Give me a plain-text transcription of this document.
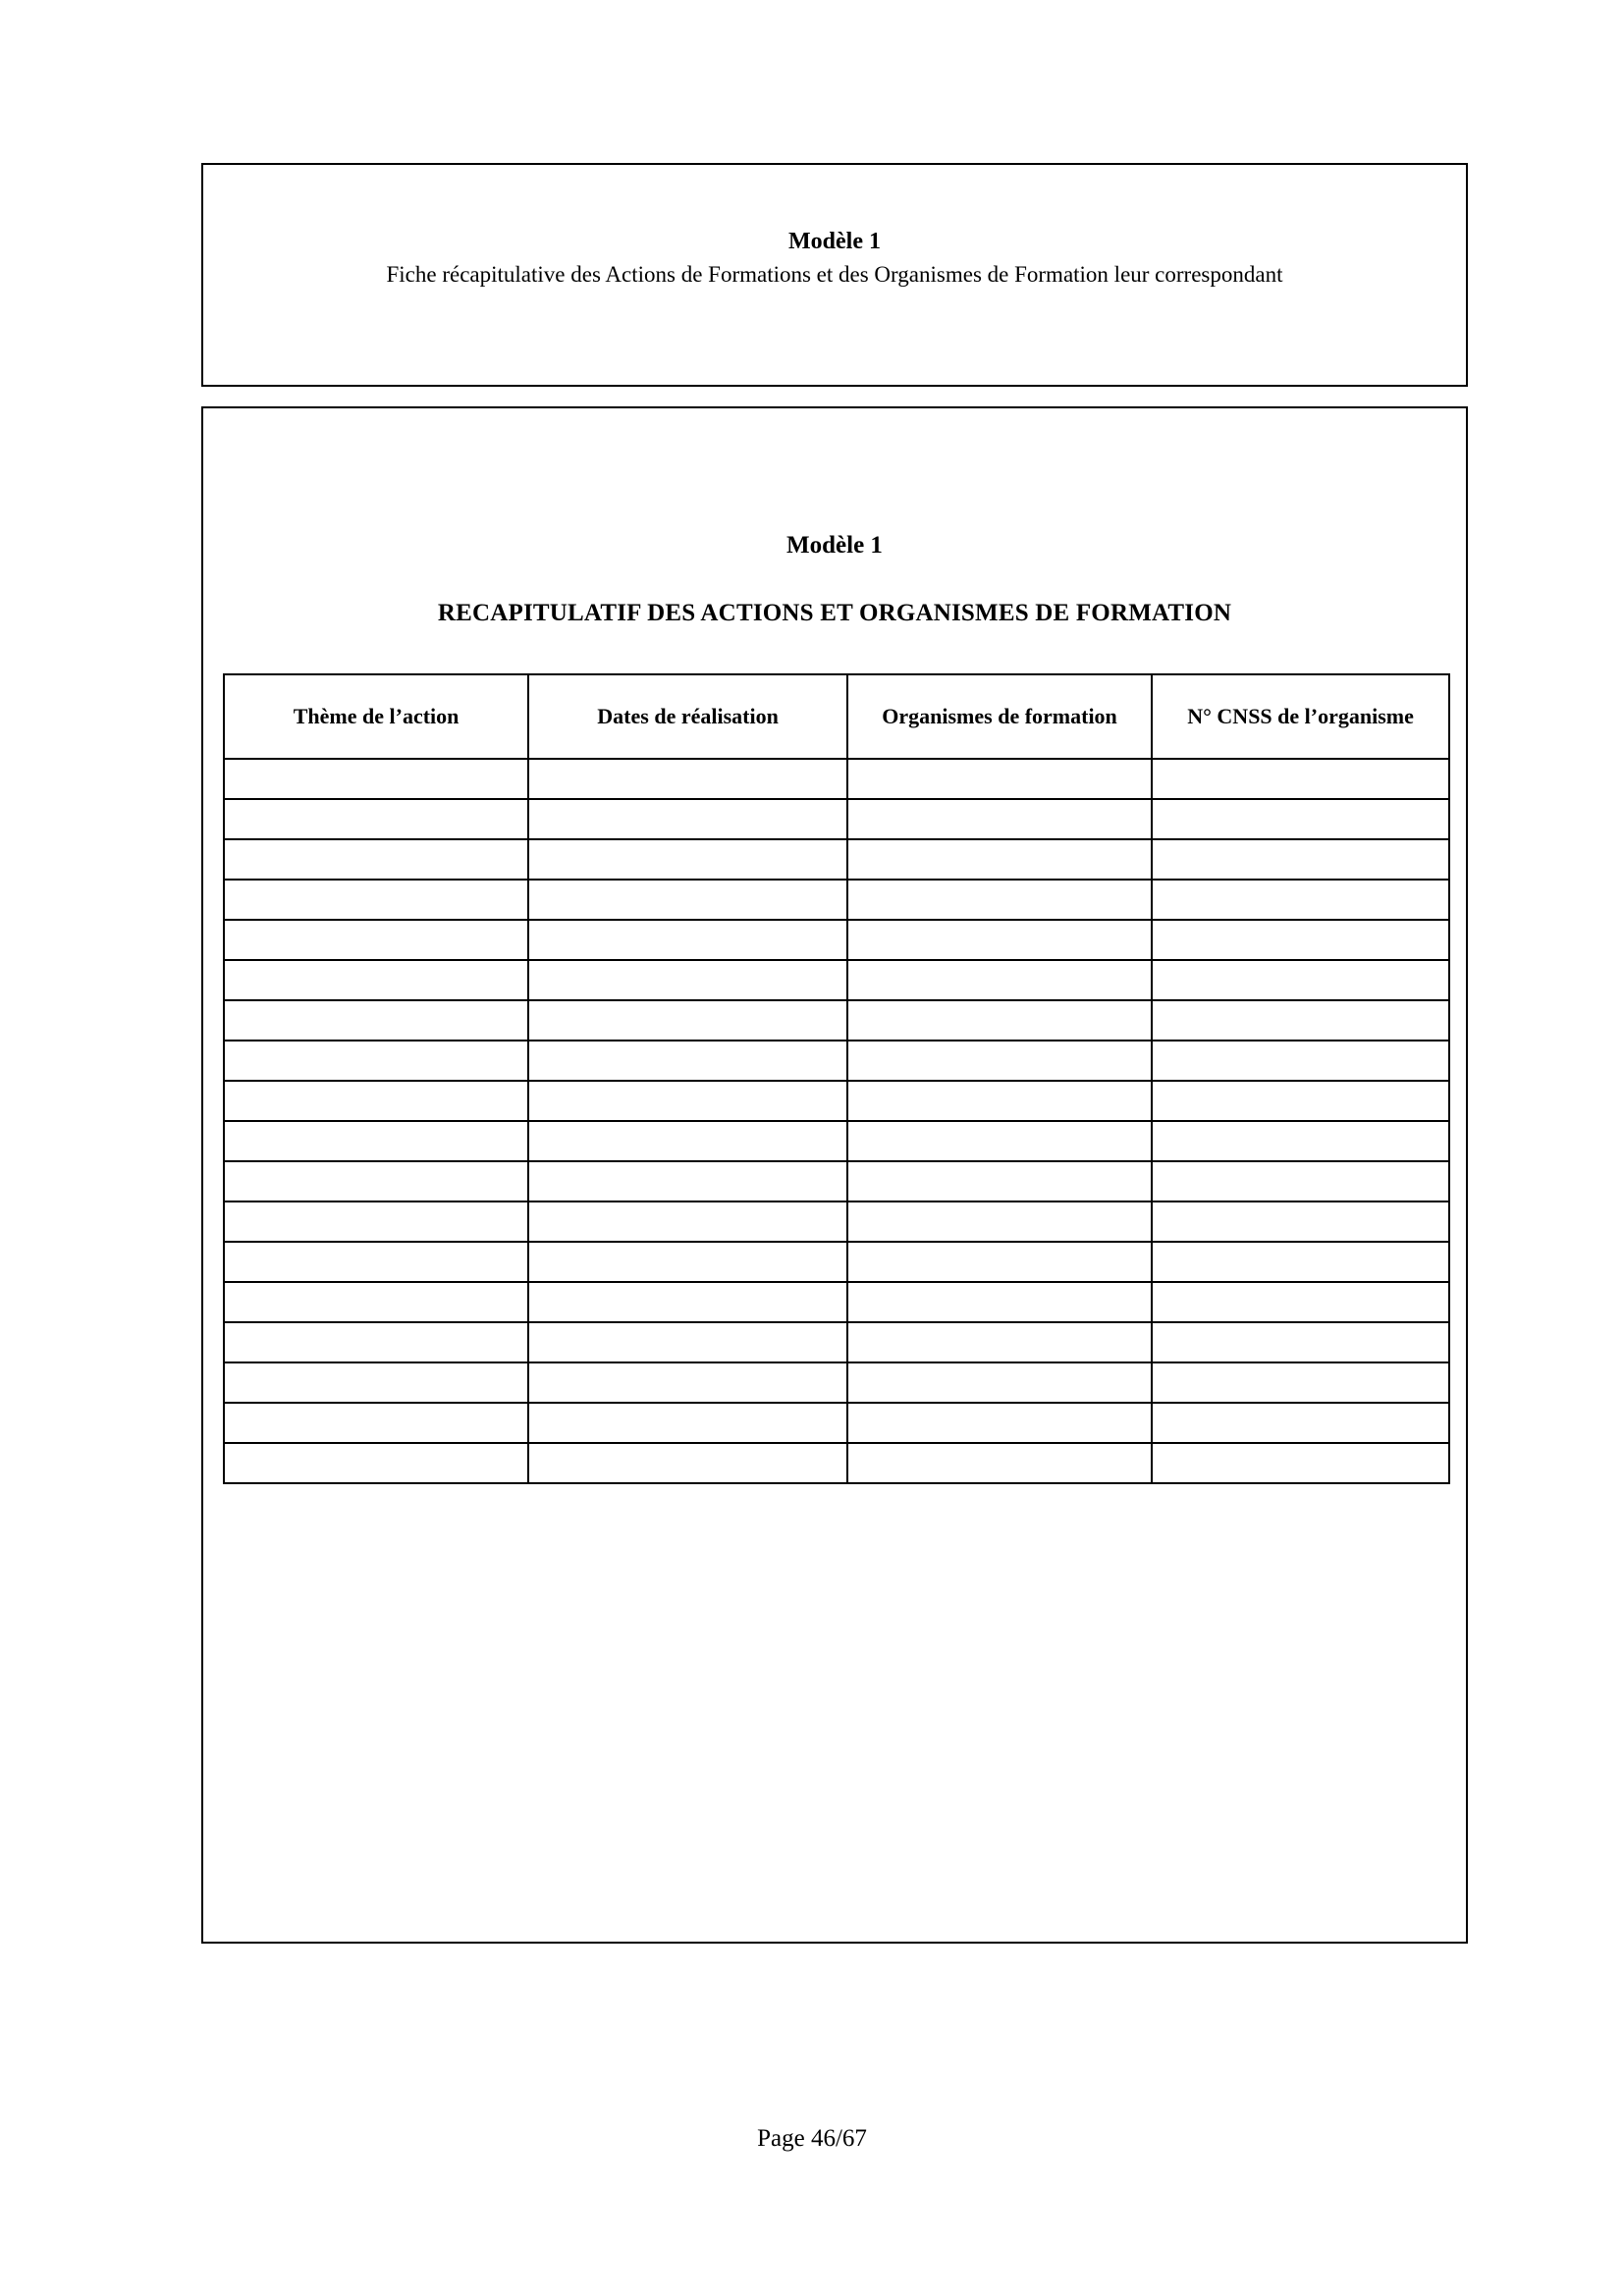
Modèle 1
Fiche récapitulative des Actions de Formations et des Organismes de Formation leur correspondant
Modèle 1
RECAPITULATIF DES ACTIONS ET ORGANISMES DE FORMATION
Thème de l’action	Dates de réalisation	Organismes de formation	N° CNSS de l’organisme

Page 46/67
